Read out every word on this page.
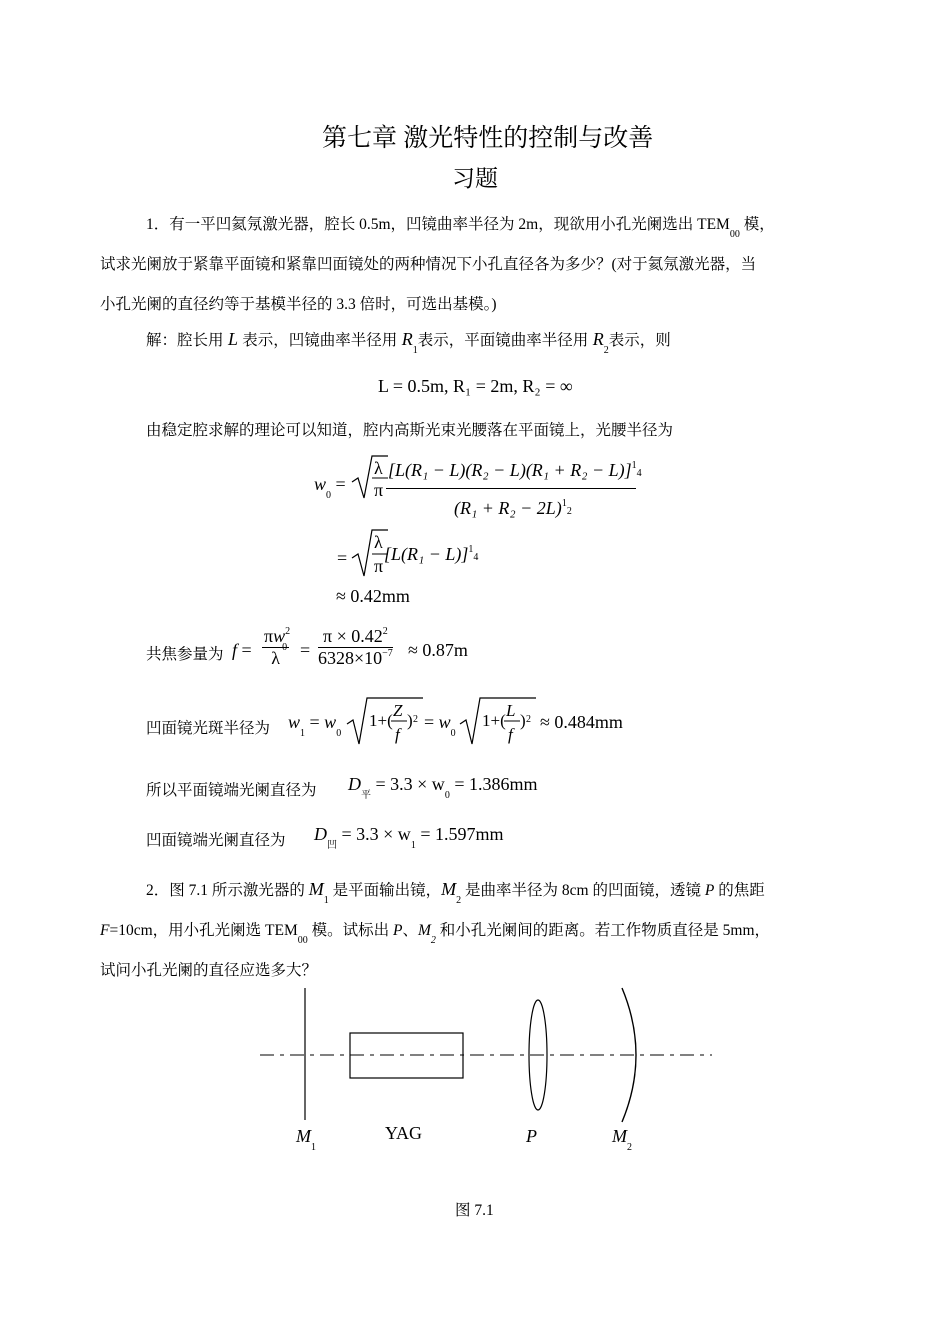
第七章 激光特性的控制与改善
习题
1．有一平凹氦氖激光器，腔长 0.5m，凹镜曲率半径为 2m，现欲用小孔光阑选出 $TEM_{00}$ 模，
试求光阑放于紧靠平面镜和紧靠凹面镜处的两种情况下小孔直径各为多少？(对于氦氖激光器，当
小孔光阑的直径约等于基模半径的 3.3 倍时，可选出基模。)
解：腔长用 L 表示，凹镜曲率半径用 $R_1$表示，平面镜曲率半径用 $R_2$表示，则
L = 0.5m, R₁ = 2m, R₂ = ∞
由稳定腔求解的理论可以知道，腔内高斯光束光腰落在平面镜上，光腰半径为
$w_0$ =
λ
π
$[L(R_1 - L)(R_2 - L)(R_1 + R_2 - L)]^14$
$(R_1 + R_2 - 2L)^12$
=
λ
π
$[L(R_1 - L)]^14$
≈ 0.42mm
共焦参量为 f =
$\pi w^2_0$
λ	=
$\pi \times 0.42^2$
$6328\times 10^{-7} \approx 0.87m$
凹面镜光斑半径为 $w_1 = w_0$
1+(
Z
f
) $2 = w_0$
1+(
L
f
) 2 ≈ 0.484mm
所以平面镜端光阑直径为 $D_平 = 3.3 \times w_0 = 1.386mm$
凹面镜端光阑直径为 $D_凹 = 3.3 \times w_1 = 1.597mm$
2．图 7.1 所示激光器的 $M_1$ 是平面输出镜，$M_2$ 是曲率半径为 8cm 的凹面镜，透镜 P 的焦距
F=10cm，用小孔光阑选 $TEM_{00}$ 模。试标出 P、$M_2$ 和小孔光阑间的距离。若工作物质直径是 5mm，
试问小孔光阑的直径应选多大？
$M_1$
YAG	P	$M_2$
图 7.1
